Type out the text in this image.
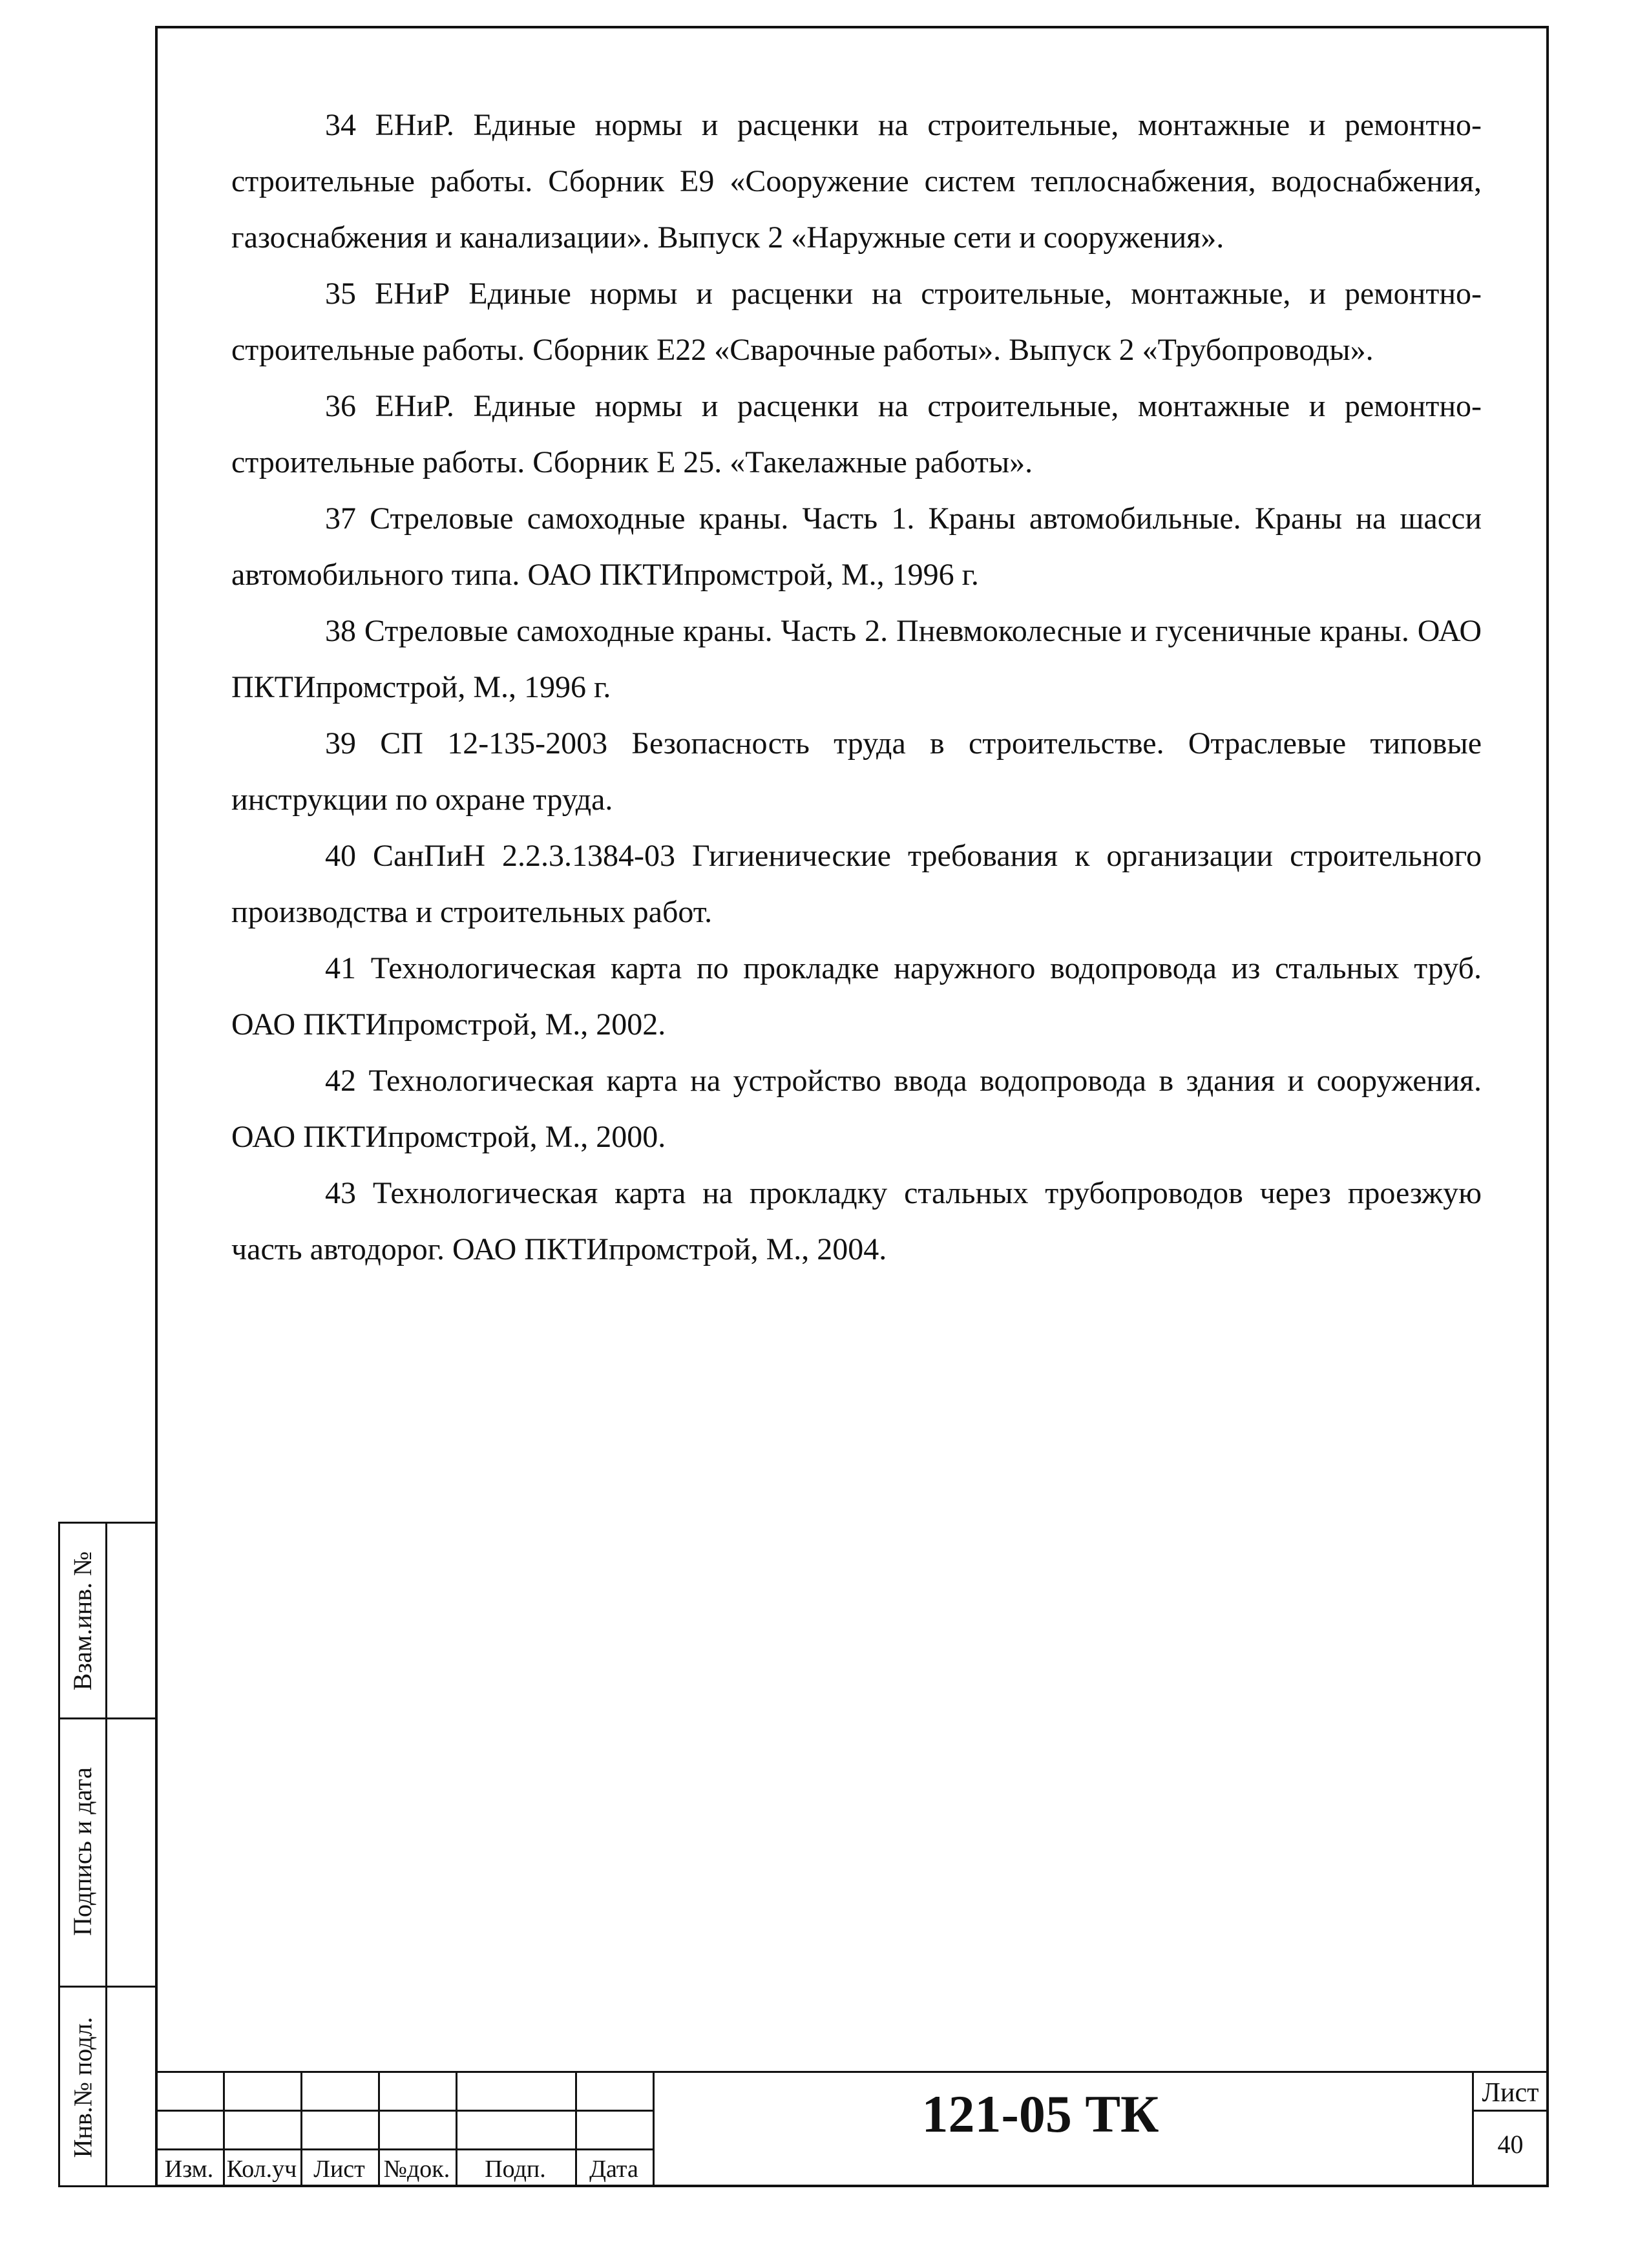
34 ЕНиР. Единые нормы и расценки на строительные, монтажные и ремонтно-строительные работы. Сборник Е9 «Сооружение систем теплоснабжения, водоснабжения, газоснабжения и канализации». Выпуск 2 «Наружные сети и сооружения».

35 ЕНиР Единые нормы и расценки на строительные, монтажные, и ремонтно-строительные работы. Сборник Е22 «Сварочные работы». Выпуск 2 «Трубопроводы».

36 ЕНиР. Единые нормы и расценки на строительные, монтажные и ремонтно-строительные работы. Сборник Е 25. «Такелажные работы».

37 Стреловые самоходные краны. Часть 1. Краны автомобильные. Краны на шасси автомобильного типа. ОАО ПКТИпромстрой, М., 1996 г.

38 Стреловые самоходные краны. Часть 2. Пневмоколесные и гусеничные краны. ОАО ПКТИпромстрой, М., 1996 г.

39 СП 12-135-2003 Безопасность труда в строительстве. Отраслевые типовые инструкции по охране труда.

40 СанПиН 2.2.3.1384-03 Гигиенические требования к организации строительного производства и строительных работ.

41 Технологическая карта по прокладке наружного водопровода из стальных труб. ОАО ПКТИпромстрой, М., 2002.

42 Технологическая карта на устройство ввода водопровода в здания и сооружения. ОАО ПКТИпромстрой, М., 2000.

43 Технологическая карта на прокладку стальных трубопроводов через проезжую часть автодорог. ОАО ПКТИпромстрой, М., 2004.

Взам.инв. №
Подпись и дата
Инв.№ подл.
Изм. Кол.уч Лист №док.	Подп.	Дата
121-05 ТК	Лист
40
